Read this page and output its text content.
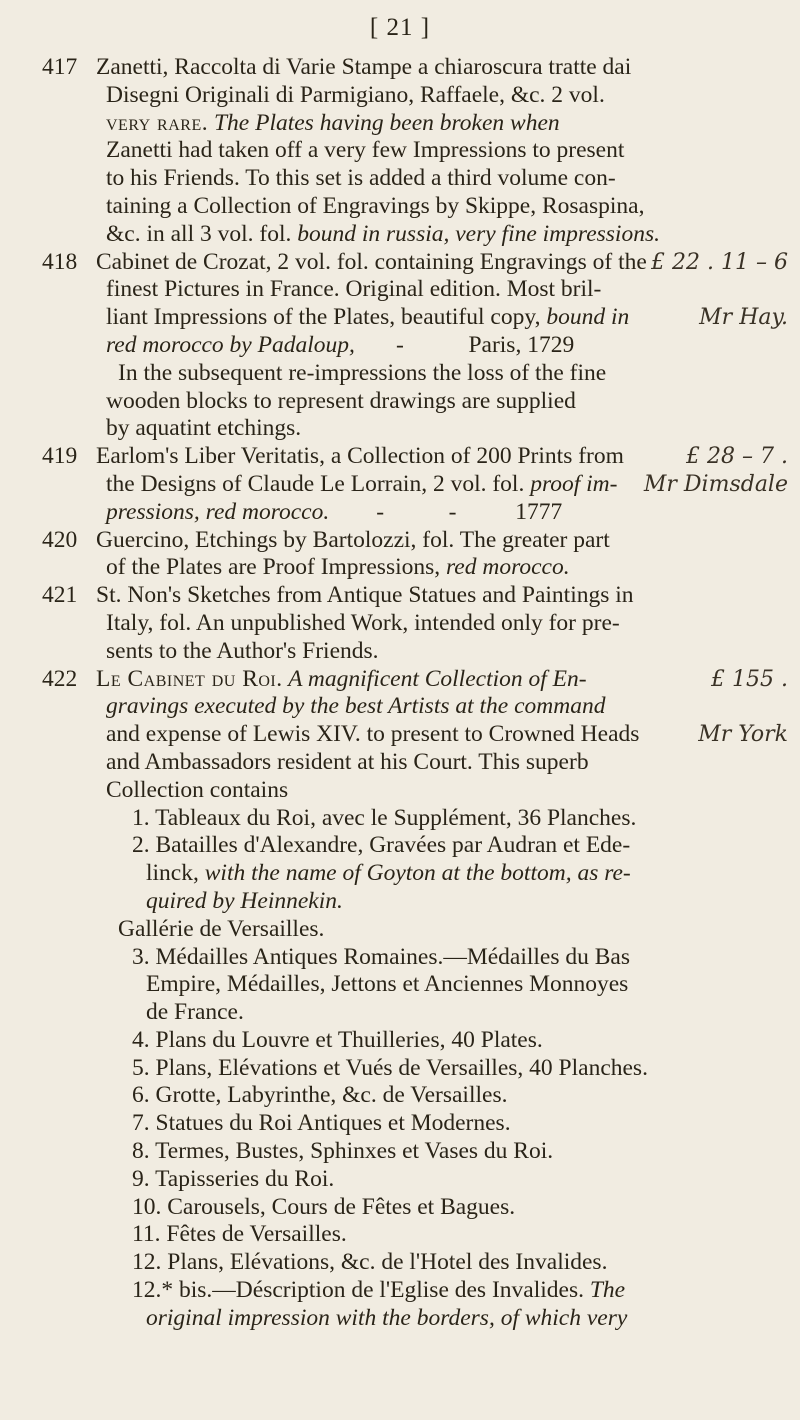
[ 21 ]
417 Zanetti, Raccolta di Varie Stampe a chiaroscura tratte dai
Disegni Originali di Parmigiano, Raffaele, &c. 2 vol.
very rare. The Plates having been broken when
Zanetti had taken off a very few Impressions to present
to his Friends. To this set is added a third volume con-
taining a Collection of Engravings by Skippe, Rosaspina,
&c. in all 3 vol. fol. bound in russia, very fine impressions.
418 Cabinet de Crozat, 2 vol. fol. containing Engravings of the £ 22 . 11 – 6
finest Pictures in France. Original edition. Most bril-
liant Impressions of the Plates, beautiful copy, bound in	Mr Hay.
red morocco by Padaloup,       -           Paris, 1729
In the subsequent re-impressions the loss of the fine
wooden blocks to represent drawings are supplied
by aquatint etchings.
419 Earlom's Liber Veritatis, a Collection of 200 Prints from	£ 28 – 7 .
the Designs of Claude Le Lorrain, 2 vol. fol. proof im- Mr Dimsdale
pressions, red morocco.        -           -          1777
420 Guercino, Etchings by Bartolozzi, fol. The greater part
of the Plates are Proof Impressions, red morocco.
421 St. Non's Sketches from Antique Statues and Paintings in
Italy, fol. An unpublished Work, intended only for pre-
sents to the Author's Friends.
422 Le Cabinet du Roi. A magnificent Collection of En-	£ 155 .
gravings executed by the best Artists at the command
and expense of Lewis XIV. to present to Crowned Heads	Mr York
and Ambassadors resident at his Court. This superb
Collection contains
1. Tableaux du Roi, avec le Supplément, 36 Planches.
2. Batailles d'Alexandre, Gravées par Audran et Ede-
linck, with the name of Goyton at the bottom, as re-
quired by Heinnekin.
Gallérie de Versailles.
3. Médailles Antiques Romaines.—Médailles du Bas
Empire, Médailles, Jettons et Anciennes Monnoyes
de France.
4. Plans du Louvre et Thuilleries, 40 Plates.
5. Plans, Elévations et Vués de Versailles, 40 Planches.
6. Grotte, Labyrinthe, &c. de Versailles.
7. Statues du Roi Antiques et Modernes.
8. Termes, Bustes, Sphinxes et Vases du Roi.
9. Tapisseries du Roi.
10. Carousels, Cours de Fêtes et Bagues.
11. Fêtes de Versailles.
12. Plans, Elévations, &c. de l'Hotel des Invalides.
12.* bis.—Déscription de l'Eglise des Invalides. The
original impression with the borders, of which very
